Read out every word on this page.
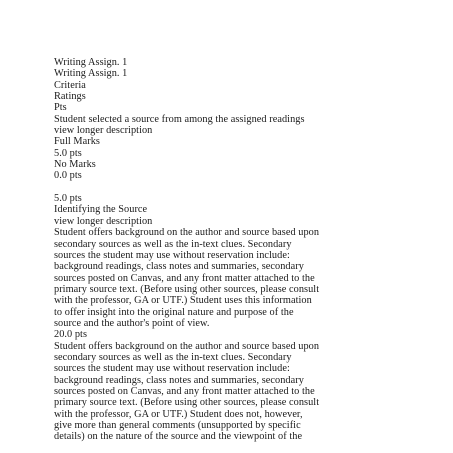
Writing Assign. 1
Writing Assign. 1
Criteria
Ratings
Pts
Student selected a source from among the assigned readings
view longer description
Full Marks
5.0 pts
No Marks
0.0 pts
5.0 pts
Identifying the Source
view longer description
Student offers background on the author and source based upon
secondary sources as well as the in-text clues. Secondary
sources the student may use without reservation include:
background readings, class notes and summaries, secondary
sources posted on Canvas, and any front matter attached to the
primary source text. (Before using other sources, please consult
with the professor, GA or UTF.) Student uses this information
to offer insight into the original nature and purpose of the
source and the author's point of view.
20.0 pts
Student offers background on the author and source based upon
secondary sources as well as the in-text clues. Secondary
sources the student may use without reservation include:
background readings, class notes and summaries, secondary
sources posted on Canvas, and any front matter attached to the
primary source text. (Before using other sources, please consult
with the professor, GA or UTF.) Student does not, however,
give more than general comments (unsupported by specific
details) on the nature of the source and the viewpoint of the
